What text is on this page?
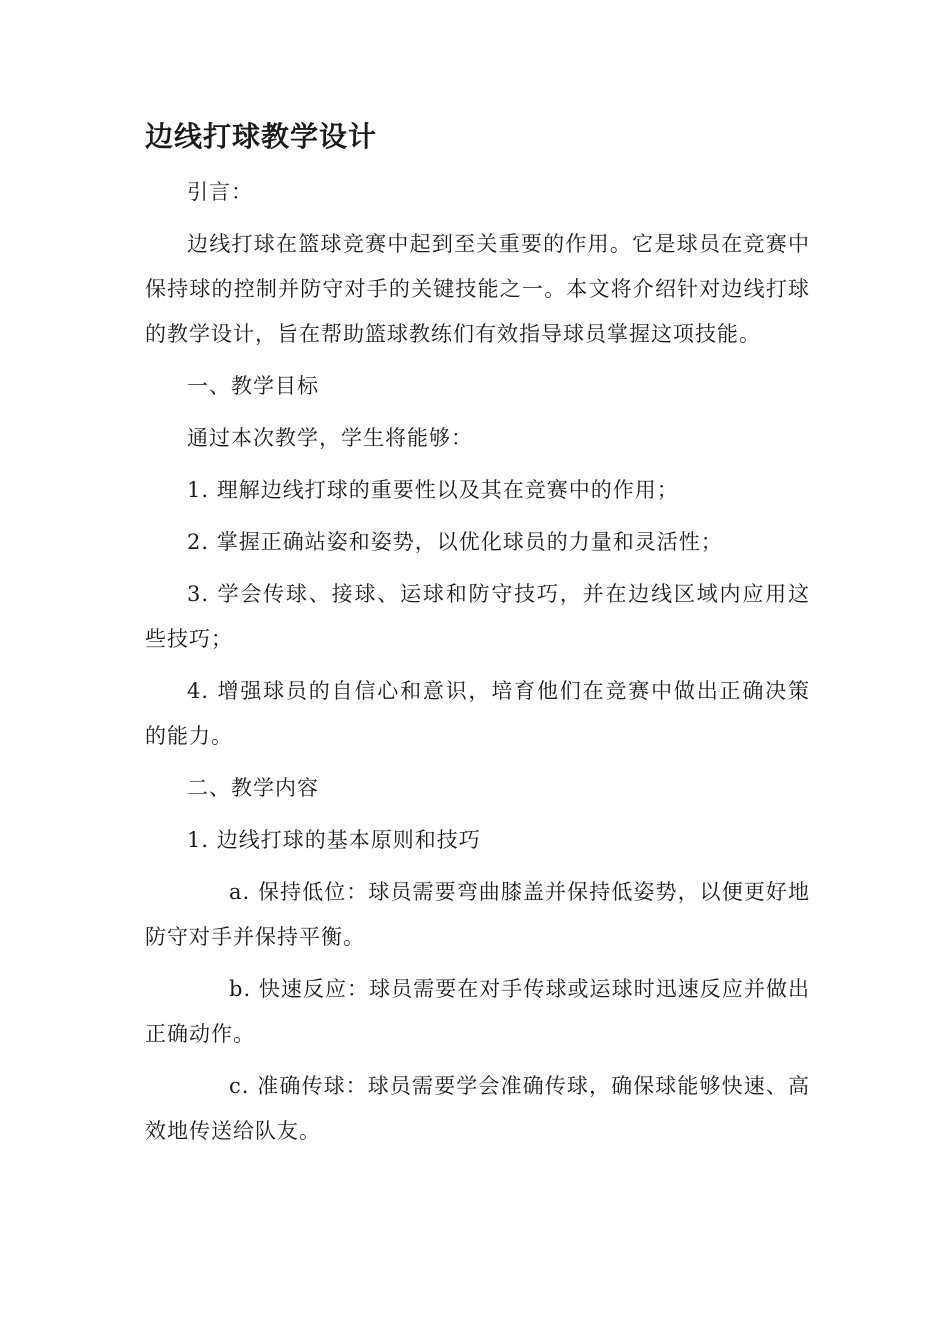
边线打球教学设计

引言：

边线打球在篮球竞赛中起到至关重要的作用。它是球员在竞赛中保持球的控制并防守对手的关键技能之一。本文将介绍针对边线打球的教学设计，旨在帮助篮球教练们有效指导球员掌握这项技能。

一、教学目标

通过本次教学，学生将能够：

1. 理解边线打球的重要性以及其在竞赛中的作用；

2. 掌握正确站姿和姿势，以优化球员的力量和灵活性；

3. 学会传球、接球、运球和防守技巧，并在边线区域内应用这些技巧；

4. 增强球员的自信心和意识，培育他们在竞赛中做出正确决策的能力。

二、教学内容

1. 边线打球的基本原则和技巧

a. 保持低位：球员需要弯曲膝盖并保持低姿势，以便更好地防守对手并保持平衡。

b. 快速反应：球员需要在对手传球或运球时迅速反应并做出正确动作。

c. 准确传球：球员需要学会准确传球，确保球能够快速、高效地传送给队友。
